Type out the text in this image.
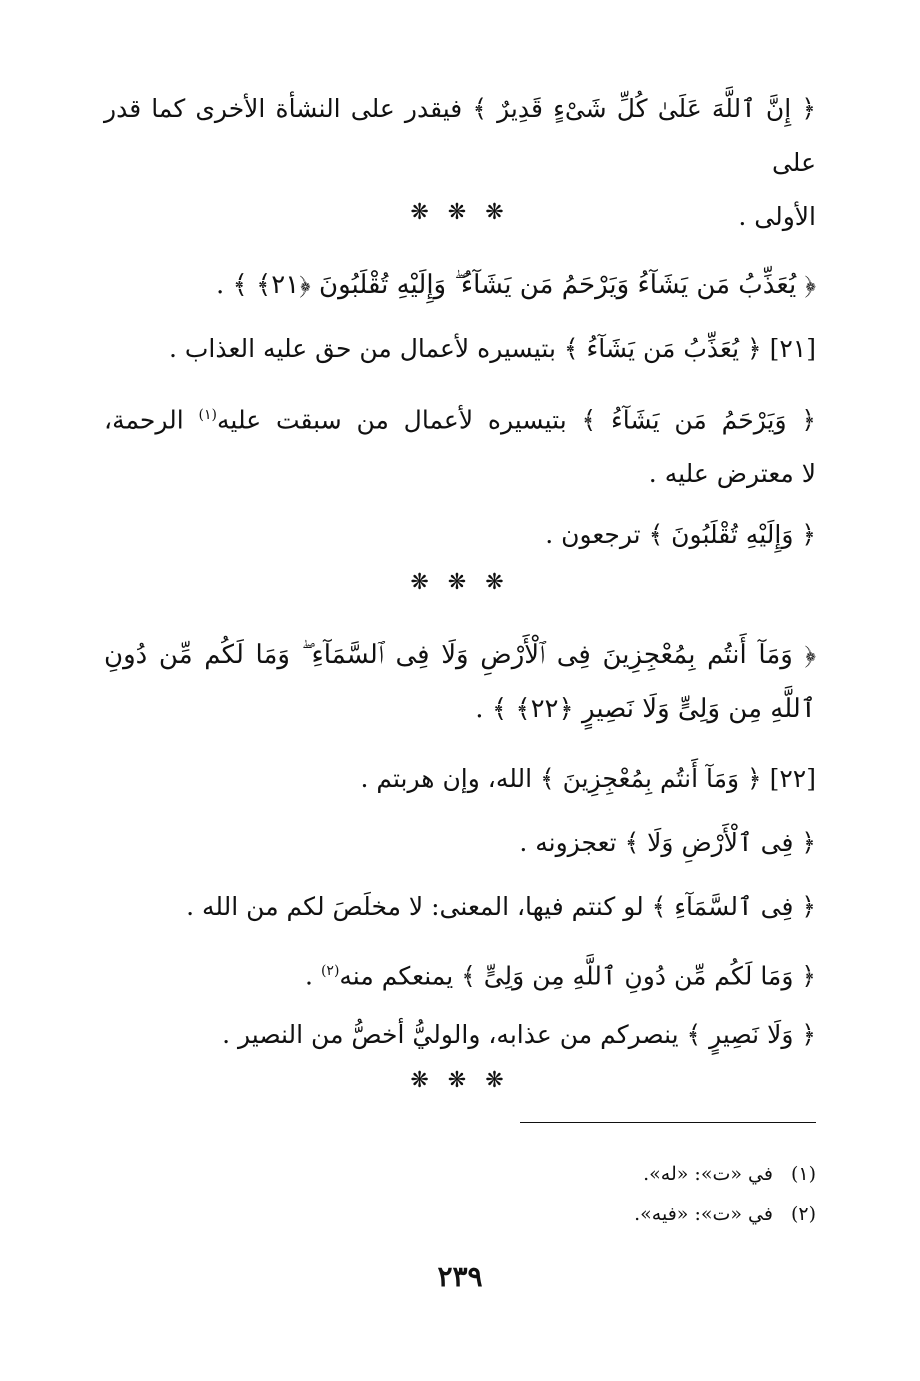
﴿ إِنَّ ٱللَّهَ عَلَىٰ كُلِّ شَىْءٍ قَدِيرٌ ﴾ فيقدر على النشأة الأخرى كما قدر على
الأولى .
❋ ❋ ❋
﴿ يُعَذِّبُ مَن يَشَآءُ وَيَرْحَمُ مَن يَشَآءُ ۖ وَإِلَيْهِ تُقْلَبُونَ ﴿٢١﴾ ﴾ .
[٢١] ﴿ يُعَذِّبُ مَن يَشَآءُ ﴾ بتيسيره لأعمال من حق عليه العذاب .
﴿ وَيَرْحَمُ مَن يَشَآءُ ﴾ بتيسيره لأعمال من سبقت عليه$^{(١)}$ الرحمة،
لا معترض عليه .
﴿ وَإِلَيْهِ تُقْلَبُونَ ﴾ ترجعون .
❋ ❋ ❋
﴿ وَمَآ أَنتُم بِمُعْجِزِينَ فِى ٱلْأَرْضِ وَلَا فِى ٱلسَّمَآءِ ۖ وَمَا لَكُم مِّن دُونِ
ٱللَّهِ مِن وَلِىٍّ وَلَا نَصِيرٍ ﴿٢٢﴾ ﴾ .
[٢٢] ﴿ وَمَآ أَنتُم بِمُعْجِزِينَ ﴾ الله، وإن هربتم .
﴿ فِى ٱلْأَرْضِ وَلَا ﴾ تعجزونه .
﴿ فِى ٱلسَّمَآءِ ﴾ لو كنتم فيها، المعنى: لا مخلَصَ لكم من الله .
﴿ وَمَا لَكُم مِّن دُونِ ٱللَّهِ مِن وَلِىٍّ ﴾ يمنعكم منه$^{(٢)}$ .
﴿ وَلَا نَصِيرٍ ﴾ ينصركم من عذابه، والوليُّ أخصُّ من النصير .
❋ ❋ ❋
(١)في «ت»: «له».
(٢)في «ت»: «فيه».
٢٣٩
